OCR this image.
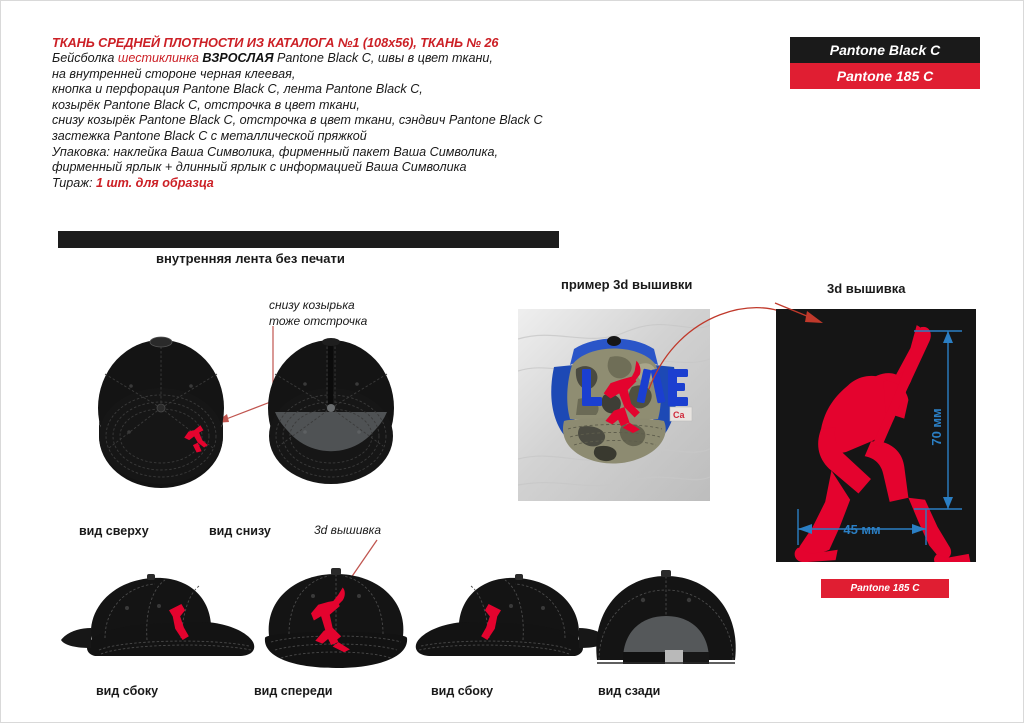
ТКАНЬ СРЕДНЕЙ ПЛОТНОСТИ ИЗ КАТАЛОГА №1 (108x56), ТКАНЬ № 26
Бейсболка шестиклинка ВЗРОСЛАЯ Pantone Black C, швы в цвет ткани,
на внутренней стороне черная клеевая,
кнопка и перфорация Pantone Black C, лента Pantone Black C,
козырёк Pantone Black C, отстрочка в цвет ткани,
снизу козырёк Pantone Black C, отстрочка в цвет ткани, сэндвич Pantone Black C
застежка Pantone Black C с металлической пряжкой
Упаковка: наклейка Ваша Символика, фирменный пакет Ваша Символика,
фирменный ярлык + длинный ярлык с информацией Ваша Символика
Тираж: 1 шт. для образца
Pantone Black C
Pantone 185 C
внутренняя лента без печати
снизу козырька
тоже отстрочка
вид сверху	вид снизу	3d вышивка
пример 3d вышивки	3d вышивка
Ca	70 мм
45 мм
Pantone 185 C
вид сбоку	вид спереди	вид сбоку	вид сзади
